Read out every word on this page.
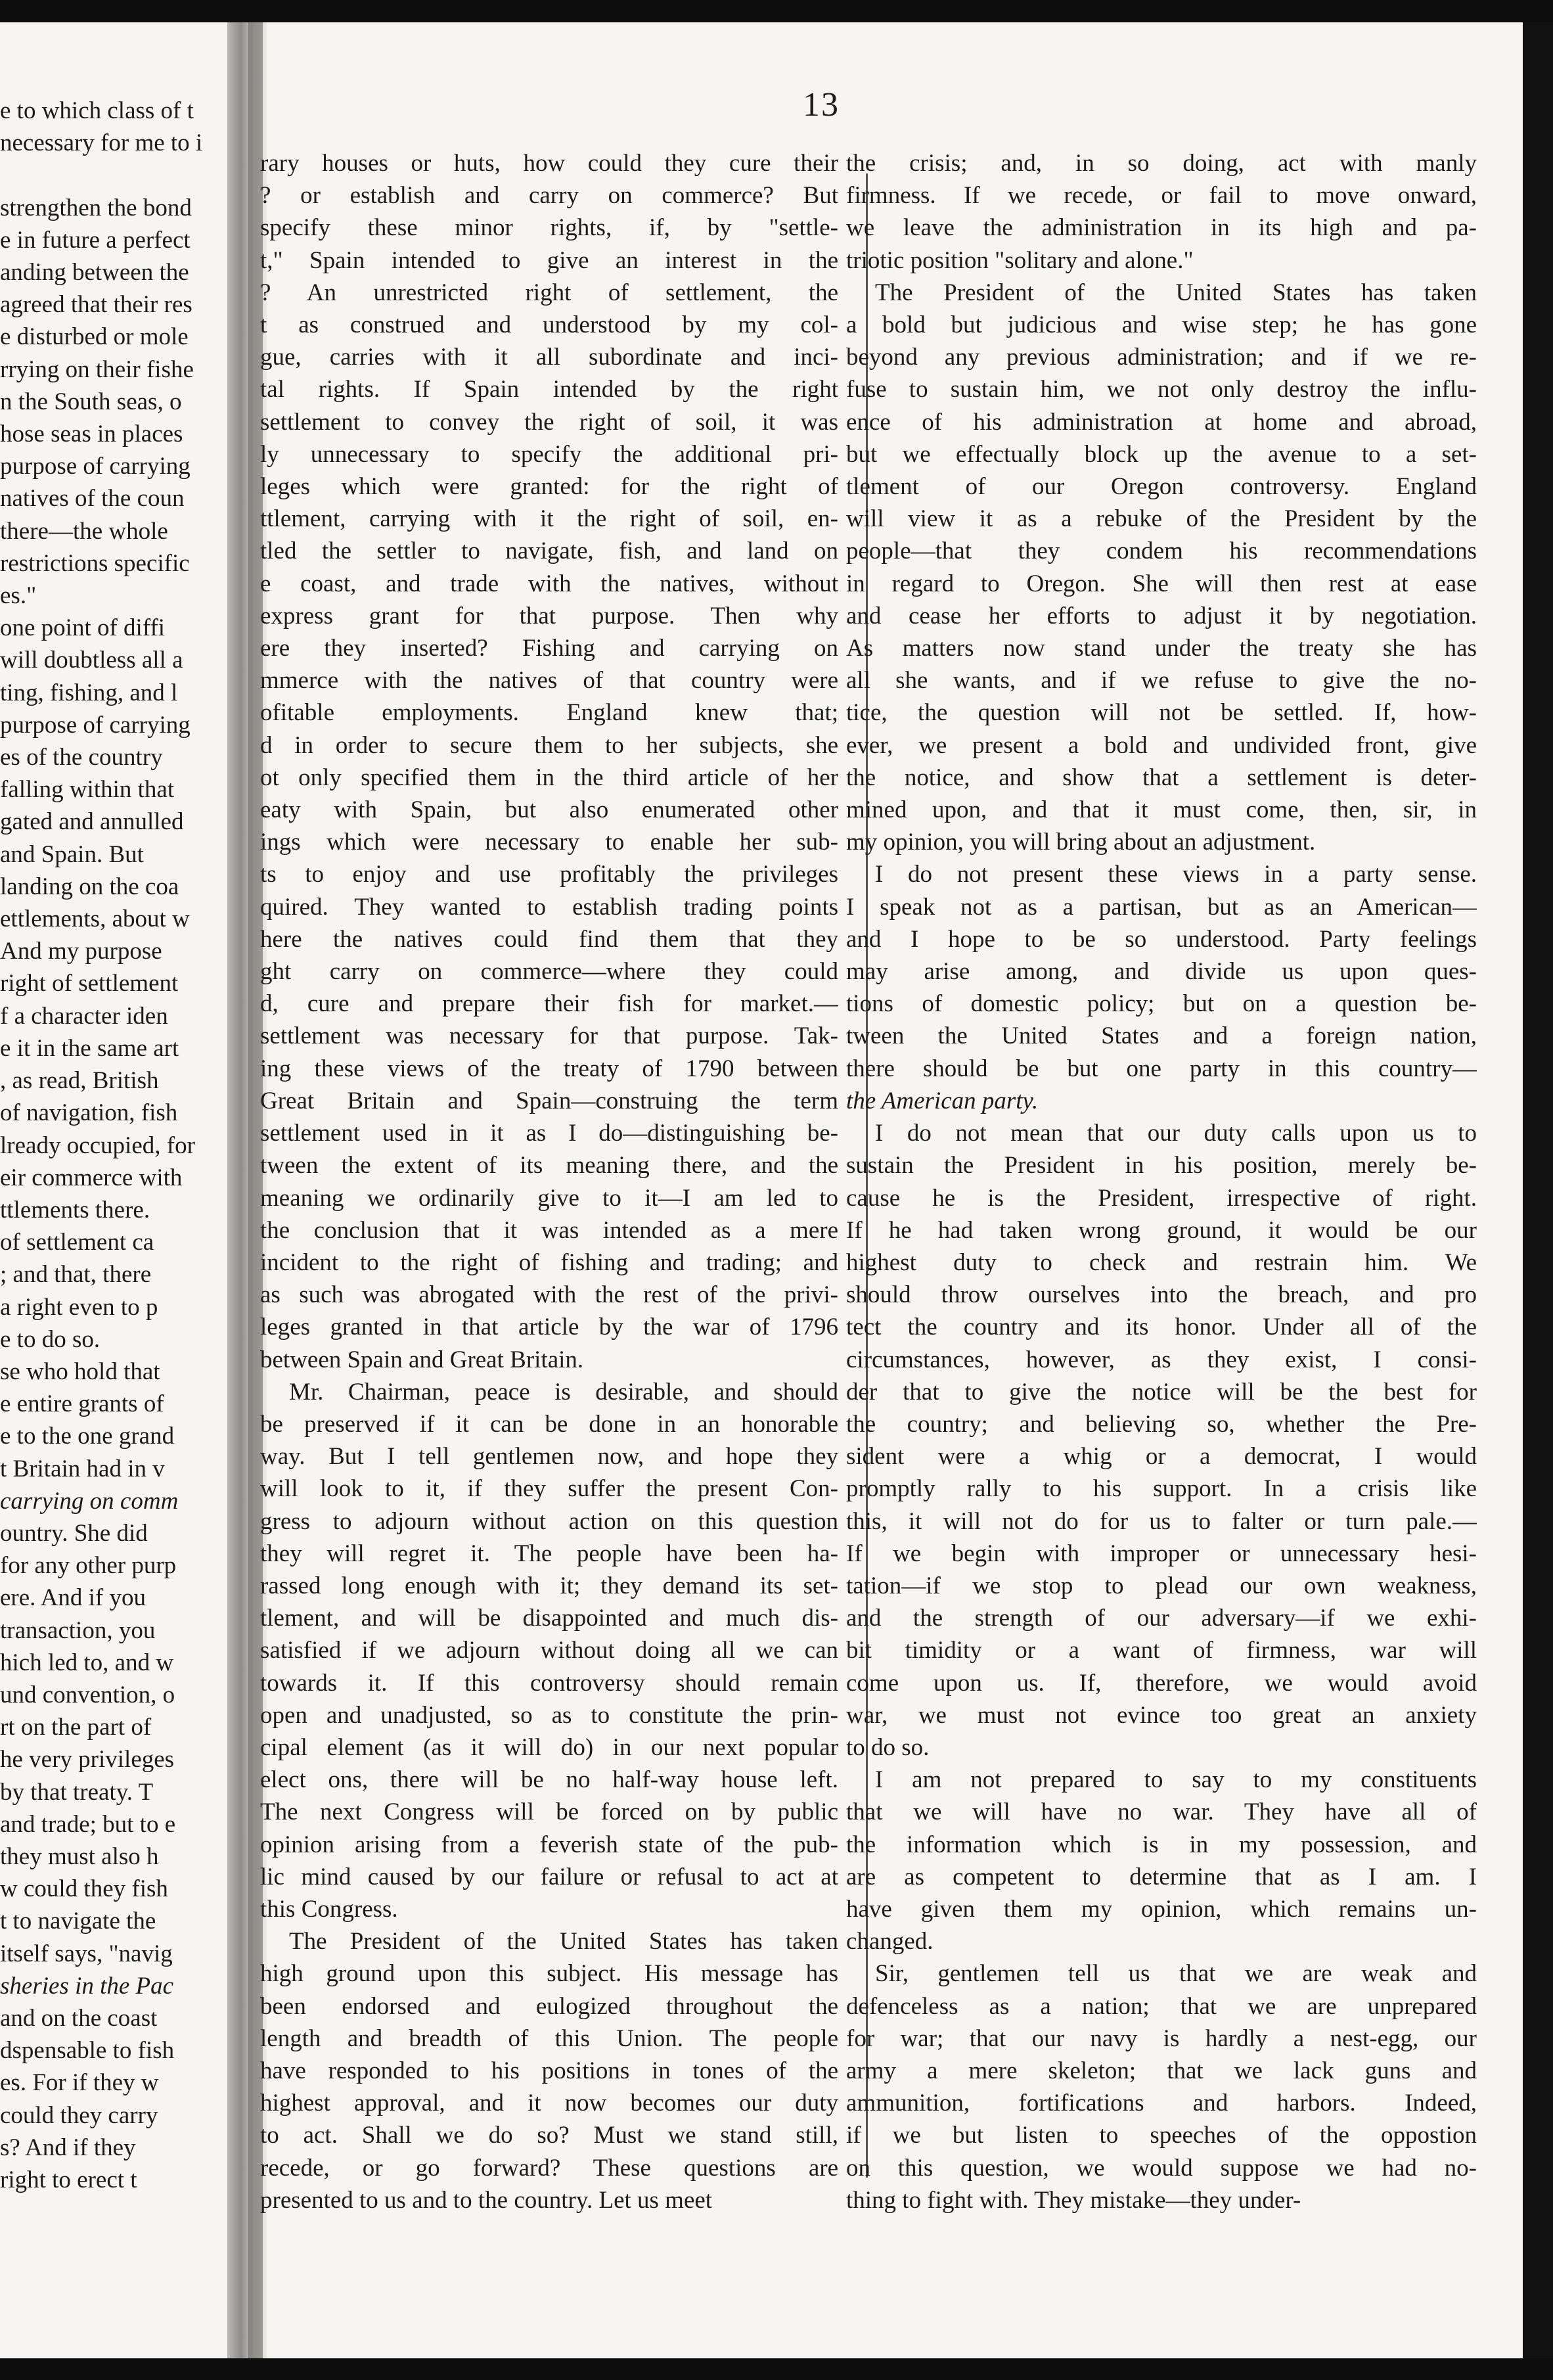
13
e to which class of t
necessary for me to i

strengthen the bond
e in future a perfect
anding between the
agreed that their res
e disturbed or mole
rrying on their fishe
n the South seas, o
hose seas in places
purpose of carrying
natives of the coun
there—the whole
restrictions specific
es."
one point of diffi
will doubtless all a
ting, fishing, and l
purpose of carrying
es of the country
falling within that
gated and annulled
and Spain. But
landing on the coa
ettlements, about w
And my purpose
right of settlement
f a character iden
e it in the same art
, as read, British
of navigation, fish
lready occupied, for
eir commerce with
ttlements there.
of settlement ca
; and that, there
a right even to p
e to do so.
se who hold that
e entire grants of
e to the one grand
t Britain had in v
carrying on comm
ountry. She did
for any other purp
ere. And if you
transaction, you
hich led to, and w
und convention, o
rt on the part of
he very privileges
by that treaty. T
and trade; but to e
they must also h
w could they fish
t to navigate the
itself says, "navig
sheries in the Pac
and on the coast
dspensable to fish
es. For if they w
could they carry
s? And if they
right to erect t
rary houses or huts, how could they cure their
? or establish and carry on commerce? But
specify these minor rights, if, by "settle-
t," Spain intended to give an interest in the
? An unrestricted right of settlement, the
t as construed and understood by my col-
gue, carries with it all subordinate and inci-
tal rights. If Spain intended by the right
settlement to convey the right of soil, it was
ly unnecessary to specify the additional pri-
leges which were granted: for the right of
ttlement, carrying with it the right of soil, en-
tled the settler to navigate, fish, and land on
e coast, and trade with the natives, without
express grant for that purpose. Then why
ere they inserted? Fishing and carrying on
mmerce with the natives of that country were
ofitable employments. England knew that;
d in order to secure them to her subjects, she
ot only specified them in the third article of her
eaty with Spain, but also enumerated other
ings which were necessary to enable her sub-
ts to enjoy and use profitably the privileges
quired. They wanted to establish trading points
here the natives could find them that they
ght carry on commerce—where they could
d, cure and prepare their fish for market.—
settlement was necessary for that purpose. Tak-
ing these views of the treaty of 1790 between
Great Britain and Spain—construing the term
settlement used in it as I do—distinguishing be-
tween the extent of its meaning there, and the
meaning we ordinarily give to it—I am led to
the conclusion that it was intended as a mere
incident to the right of fishing and trading; and
as such was abrogated with the rest of the privi-
leges granted in that article by the war of 1796
between Spain and Great Britain.
Mr. Chairman, peace is desirable, and should
be preserved if it can be done in an honorable
way. But I tell gentlemen now, and hope they
will look to it, if they suffer the present Con-
gress to adjourn without action on this question
they will regret it. The people have been ha-
rassed long enough with it; they demand its set-
tlement, and will be disappointed and much dis-
satisfied if we adjourn without doing all we can
towards it. If this controversy should remain
open and unadjusted, so as to constitute the prin-
cipal element (as it will do) in our next popular
elect ons, there will be no half-way house left.
The next Congress will be forced on by public
opinion arising from a feverish state of the pub-
lic mind caused by our failure or refusal to act at
this Congress.
The President of the United States has taken
high ground upon this subject. His message has
been endorsed and eulogized throughout the
length and breadth of this Union. The people
have responded to his positions in tones of the
highest approval, and it now becomes our duty
to act. Shall we do so? Must we stand still,
recede, or go forward? These questions are
presented to us and to the country. Let us meet
the crisis; and, in so doing, act with manly
firmness. If we recede, or fail to move onward,
we leave the administration in its high and pa-
triotic position "solitary and alone."
The President of the United States has taken
a bold but judicious and wise step; he has gone
beyond any previous administration; and if we re-
fuse to sustain him, we not only destroy the influ-
ence of his administration at home and abroad,
but we effectually block up the avenue to a set-
tlement of our Oregon controversy. England
will view it as a rebuke of the President by the
people—that they condem his recommendations
in regard to Oregon. She will then rest at ease
and cease her efforts to adjust it by negotiation.
As matters now stand under the treaty she has
all she wants, and if we refuse to give the no-
tice, the question will not be settled. If, how-
ever, we present a bold and undivided front, give
the notice, and show that a settlement is deter-
mined upon, and that it must come, then, sir, in
my opinion, you will bring about an adjustment.
I do not present these views in a party sense.
I speak not as a partisan, but as an American—
and I hope to be so understood. Party feelings
may arise among, and divide us upon ques-
tions of domestic policy; but on a question be-
tween the United States and a foreign nation,
there should be but one party in this country—
the American party.
I do not mean that our duty calls upon us to
sustain the President in his position, merely be-
cause he is the President, irrespective of right.
If he had taken wrong ground, it would be our
highest duty to check and restrain him. We
should throw ourselves into the breach, and pro
tect the country and its honor. Under all of the
circumstances, however, as they exist, I consi-
der that to give the notice will be the best for
the country; and believing so, whether the Pre-
sident were a whig or a democrat, I would
promptly rally to his support. In a crisis like
this, it will not do for us to falter or turn pale.—
If we begin with improper or unnecessary hesi-
tation—if we stop to plead our own weakness,
and the strength of our adversary—if we exhi-
bit timidity or a want of firmness, war will
come upon us. If, therefore, we would avoid
war, we must not evince too great an anxiety
to do so.
I am not prepared to say to my constituents
that we will have no war. They have all of
the information which is in my possession, and
are as competent to determine that as I am. I
have given them my opinion, which remains un-
changed.
Sir, gentlemen tell us that we are weak and
defenceless as a nation; that we are unprepared
for war; that our navy is hardly a nest-egg, our
army a mere skeleton; that we lack guns and
ammunition, fortifications and harbors. Indeed,
if we but listen to speeches of the oppostion
on this question, we would suppose we had no-
thing to fight with. They mistake—they under-
